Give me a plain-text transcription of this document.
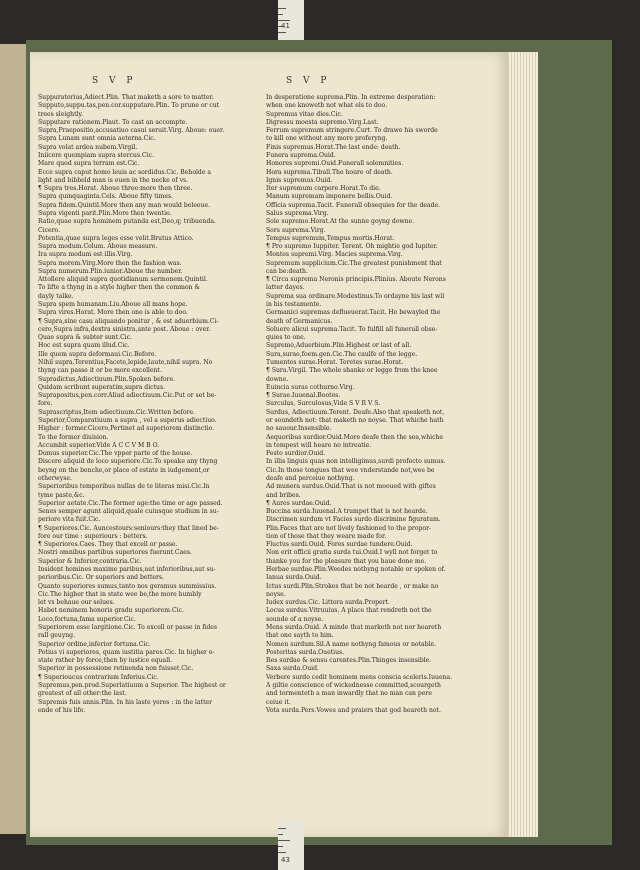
41
S V P	S V P
Suppuratorius,Adiect.Plin. That maketh a sore to matter.
Supputo,suppu.tas,pen.cor.supputare.Plin. To prune or cut
trees sleightly.
Supputare rationem.Plaut. To cast an accompte.
Supra,Praepositio,accusatiuo casui seruit.Virg. Aboue: ouer.
Supra Lunam sunt omnia aeterna.Cic.
Supra volat ardea nubem.Virgil.
Iniicere quempiam supra stercus.Cic.
Mare quod supra terram est.Cic.
Ecce supra caput homo leuis ac sordidus.Cic. Beholde a
light and bibbeld man is euen in the necke of vs.
¶ Supra tres.Horat. Aboue three:more then three.
Supra quinquaginta.Cels. Aboue fifty times.
Supra fidem.Quintil.More then any man would beleeue.
Supra vigenti parit.Plin.More then twentie.
Ratio,quae supra hominem putanda est,Deo,q; tribuenda.
Cicero.
Potentia,quae supra leges esse velit.Brutus Attico.
Supra modum.Colum. Aboue measure.
Ira supra modum est illis.Virg.
Supra morem.Virg.More then the fashion was.
Supra numerum.Plin.iunior.Aboue the number.
Attollere aliquid supra quotidianum sermonem.Quintil.
To lifte a thyng in a style higher then the common &
dayly talke.
Supra spem humanam.Liu.Aboue all mans hope.
Supra vires.Horat. More then one is able to doo.
¶ Supra,sine casu aliquando ponitur , & est aduerbium.Ci-
cero,Supra infra,dextra sinistra,ante post. Aboue : over.
Quae supra & subter sunt.Cic.
Hoc est supra quam illud.Cic.
Ille quem supra deformaui.Cic.Before.
Nihil supra.Terentius,Facete,lepide,laute,nihil supra. No
thyng can passe it or be more excellent.
Supradictus,Adiectiuum.Plin.Spoken before.
Quidam scribunt superatim,supra dictus.
Suprapositus,pen.corr.Aliud adiectiuum.Cic.Put or set be-
fore.
Suprascriptus,Item adiectiuum.Cic.Written before.
Superior,Comparatiuum a supra , vel a superus adiectiuo.
Higher : former.Cicero,Pertinet ad superiorem distinctio.
To the former diuision.
Accumbit superior.Vide A C C V M B O.
Domus superior.Cic.The vpper parte of the house.
Discere aliquid de loco superiore.Cic.To speake any thyng
beyng on the benche,or place of estate in iudgement,or
otherwyse.
Superioribus temporibus nullas de te literas misi.Cic.In
tyme paste,&c.
Superior aetate.Cic.The former age:the time or age passed.
Senes semper agunt aliquid,quale cuiusque studium in su-
periore vita fuit.Cic.
¶ Superiores.Cic. Auncestours:seniours:they that lined be-
fore our time : superiours : betters.
¶ Superiores.Caes. They that excell or passe.
Nostri omnibus partibus superiores fuerunt.Caes.
Superior & Inferior,contraria.Cic.
Insident homines maxime paribus,aut inferioribus,aut su-
perioribus.Cic. Or superiors and betters.
Quanto superiores sumus,tanto nos geramus summissius.
Cic.The higher that in state wee be,the more humbly
let vs behaue our selues.
Habet neminem honoris gradu superiorem.Cic.
Loco,fortuna,fama superior.Cic.
Superiorem esse largitione.Cic. To excell or passe in fides
rall geuyng.
Superior ordine,inferior fortuna.Cic.
Potius vi superiores, quam iustitia pares.Cic. In higher e-
state rather by force,then by iustice equall.
Superior in possessione retinenda non fuisset.Cic.
¶ Superioucus contrarium Inferius.Cic.
Supremus,pen.prod.Superlatiuum a Superior. The highest or
greatest of all other:the last.
Supremis fuis annis.Plin. In his laste yeres : in the latter
ende of his life.
In desperatione suprema.Plin. In extreme desperation:
when one knoweth not what els to doo.
Supremus vitae dies.Cic.
Digressu moesta supremo.Virg.Last.
Ferrum supremum stringere.Curt. To drawe his sworde
to kill one without any more proferyng.
Finis supremus.Horat.The last ende: death.
Funera suprema.Ouid.
Honores supremi.Ouid.Funerall solemnities.
Hora suprema.Tibull.The houre of death.
Ignis supremus.Ouid.
Iter supremum carpere.Horat.To die.
Manum supremam imponere bellis.Ouid.
Officia suprema.Tacit. Funerall obsequies for the deade.
Salus suprema.Virg.
Sole supremo.Horat.At the sunne goyng downe.
Sors suprema.Virg.
Tempus supremum,Tempus mortis.Horat.
¶ Pro supremo Iuppiter. Terent. Oh mightie god Iupiter.
Montes supremi.Virg. Macies suprema.Virg.
Supremum supplicium.Cic.The greatest punishment that
can be:death.
¶ Circa suprema Neronis principis.Plinius. Aboute Nerons
latter dayes.
Suprema sua ordinare.Modestinus.To ordayne his last wil
in his testamente.
Germanici supremas deflueuerat.Tacit. He bewayled the
death of Germanicus.
Soluere alicui suprema.Tacit. To fulfill all funerall obse-
quies to one.
Supremò,Aduerbium.Plin.Highest or last of all.
Sura,surae,foem.gen.Cic.The caulfe of the legge.
Tumentes surae.Horat. Teretes surae.Horat.
¶ Sura.Virgil. The whole shanke or legge from the knee
downe.
Euincia suras cothurno.Virg.
¶ Surae.Iuuenal.Bootes.
Surculus, Surculosus,Vide S V R V S.
Surdus, Adiectiuum.Terent. Deafe.Also that speaketh not,
or soundeth not: that maketh no noyse. That whiche hath
no sauour.Insensible.
Aequoribus surdior.Ouid.More deafe then the sea,whiche
in tempest will heare no intreatie.
Festo surdior.Ouid.
In illis linguis quas non intelligimus,surdi profecto sumus.
Cic.In those tongues that wee vnderstande not,wee be
deafe and perceiue nothyng.
Ad munera surdus.Ouid.That is not mooued with giftes
and bribes.
¶ Aures surdae.Ouid.
Buccina surda.Iuuenal.A trumpet that is not hearde.
Discrimen surdum vt Facies surdo discrimine figuratum.
Plin.Faces that are not lively fashioned to the propor-
tion of those that they weare made for.
Fluctus surdi.Ouid. Fores surdae tundere.Ouid.
Non erit officii gratia surda tui.Ouid.I wyll not forget to
thanke you for the pleasure that you haue done me.
Herbae surdae.Plin.Weedes nothyng notable or spoken of.
Ianua surda.Ouid.
Ictus surdi.Plin.Strokes that be not hearde , or make no
noyse.
Iudex surdus.Cic. Littora surda.Propert.
Locus surdus.Vitruuius. A place that rendreth not the
sounde of a noyse.
Mens surda.Ouid. A minde that marketh not nor heareth
that one sayth to him.
Nomen surdum.Sil.A name nothyng famous or notable.
Posteritas surda.Ouetius.
Res surdae & sensu carentes.Plin.Thinges insensible.
Saxa surda.Ouid.
Verbere surdo cedit hominem mens conscia sceleris.Iuuena.
A giltie conscience of wickednesse committed,scourgeth
and tormenteth a man inwardly that no man can pere
ceiue it.
Vota surda.Pers.Vowes and praiers that god heareth not.
43
